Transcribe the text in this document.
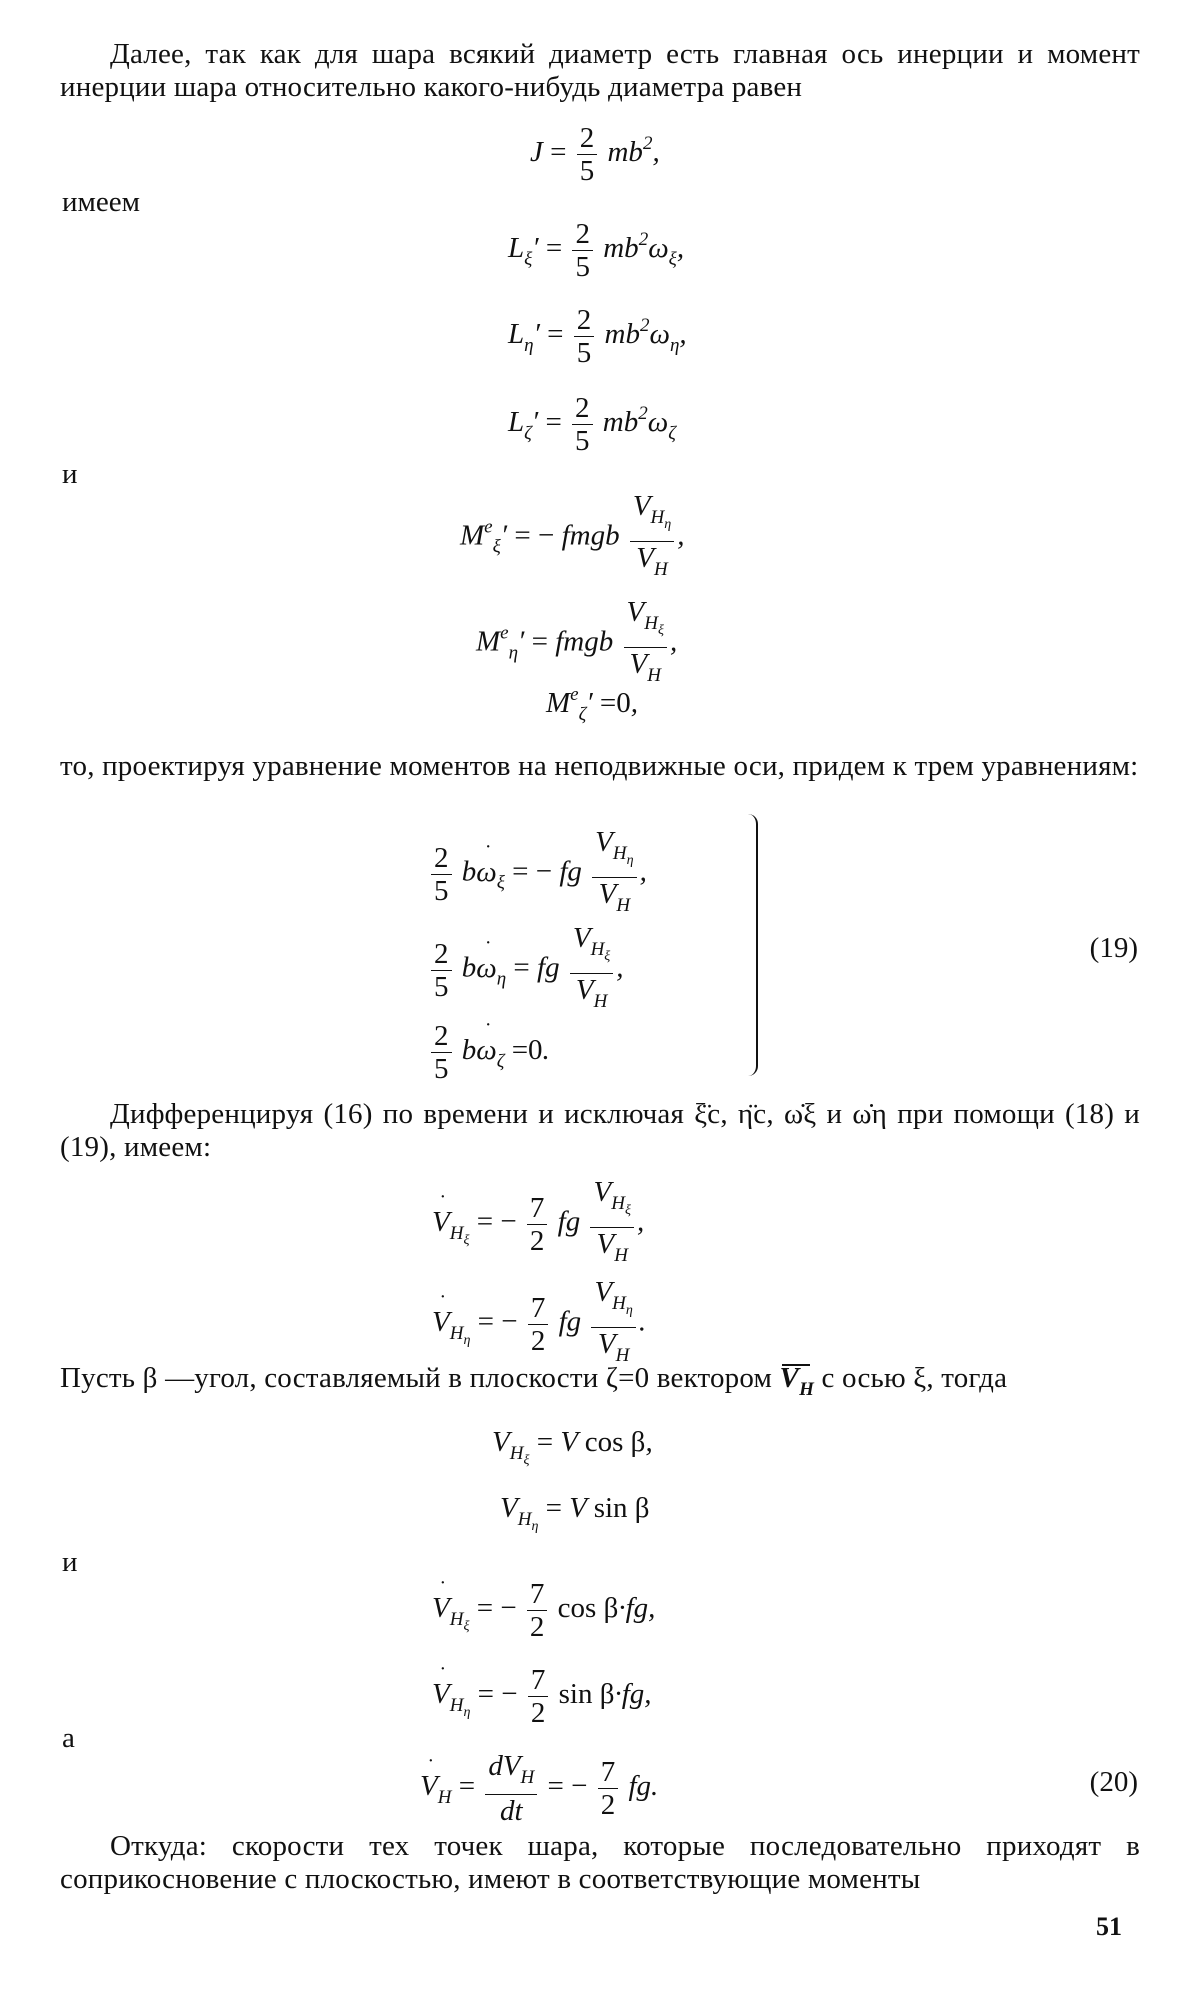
Далее, так как для шара всякий диаметр есть главная ось инерции и момент инерции шара относительно какого-нибудь диаметра равен

$J = \frac{2}{5} mb^2$,
имеем
$L_\xi' = \frac{2}{5} mb^2\omega_\xi$,
$L_\eta' = \frac{2}{5} mb^2\omega_\eta$,
$L_\zeta' = \frac{2}{5} mb^2\omega_\zeta$
и
$M^e_\xi'$ = − fmgb $\frac{V_{H_\eta}}{V_H}$ ,
$M^e_\eta'$ = fmgb $\frac{V_{H_\xi}}{V_H}$ ,
$M^e_\zeta' =0$,

то, проектируя уравнение моментов на неподвижные оси, придем к трем уравнениям:

$\frac{2}{5}$ b˙ $\omega_\xi$ = − fg $\frac{V_{H_\eta}}{V_H}$ ,
$\frac{2}{5}$ b˙ $\omega_\eta$ = fg $\frac{V_{H_\xi}}{V_H}$ ,
$\frac{2}{5}$ b˙ $\omega_\zeta =0$.
(19)

Дифференцируя (16) по времени и исключая ξ̈c, η̈c, ω̇ξ и ω̇η при помощи (18) и (19), имеем:

˙ $V_{H_\xi}$ = − $\frac{7}{2}$ fg $\frac{V_{H_\xi}}{V_H}$ ,
˙ $V_{H_\eta}$ = − $\frac{7}{2}$ fg $\frac{V_{H_\eta}}{V_H}$ .

Пусть β —угол, составляемый в плоскости ζ=0 вектором $V_H$ с осью ξ, тогда

$V_{H_\xi} = V$ cos β,
$V_{H_\eta} = V$ sin β
и
˙ $V_{H_\xi}$ = − $\frac{7}{2}$ cos β·fg,
˙ $V_{H_\eta}$ = − $\frac{7}{2}$ sin β·fg,
а
˙ $V_H = \frac{dV_H}{dt}$ = − $\frac{7}{2}$ fg.	(20)

Откуда: скорости тех точек шара, которые последовательно приходят в соприкосновение с плоскостью, имеют в соответствующие моменты

51
